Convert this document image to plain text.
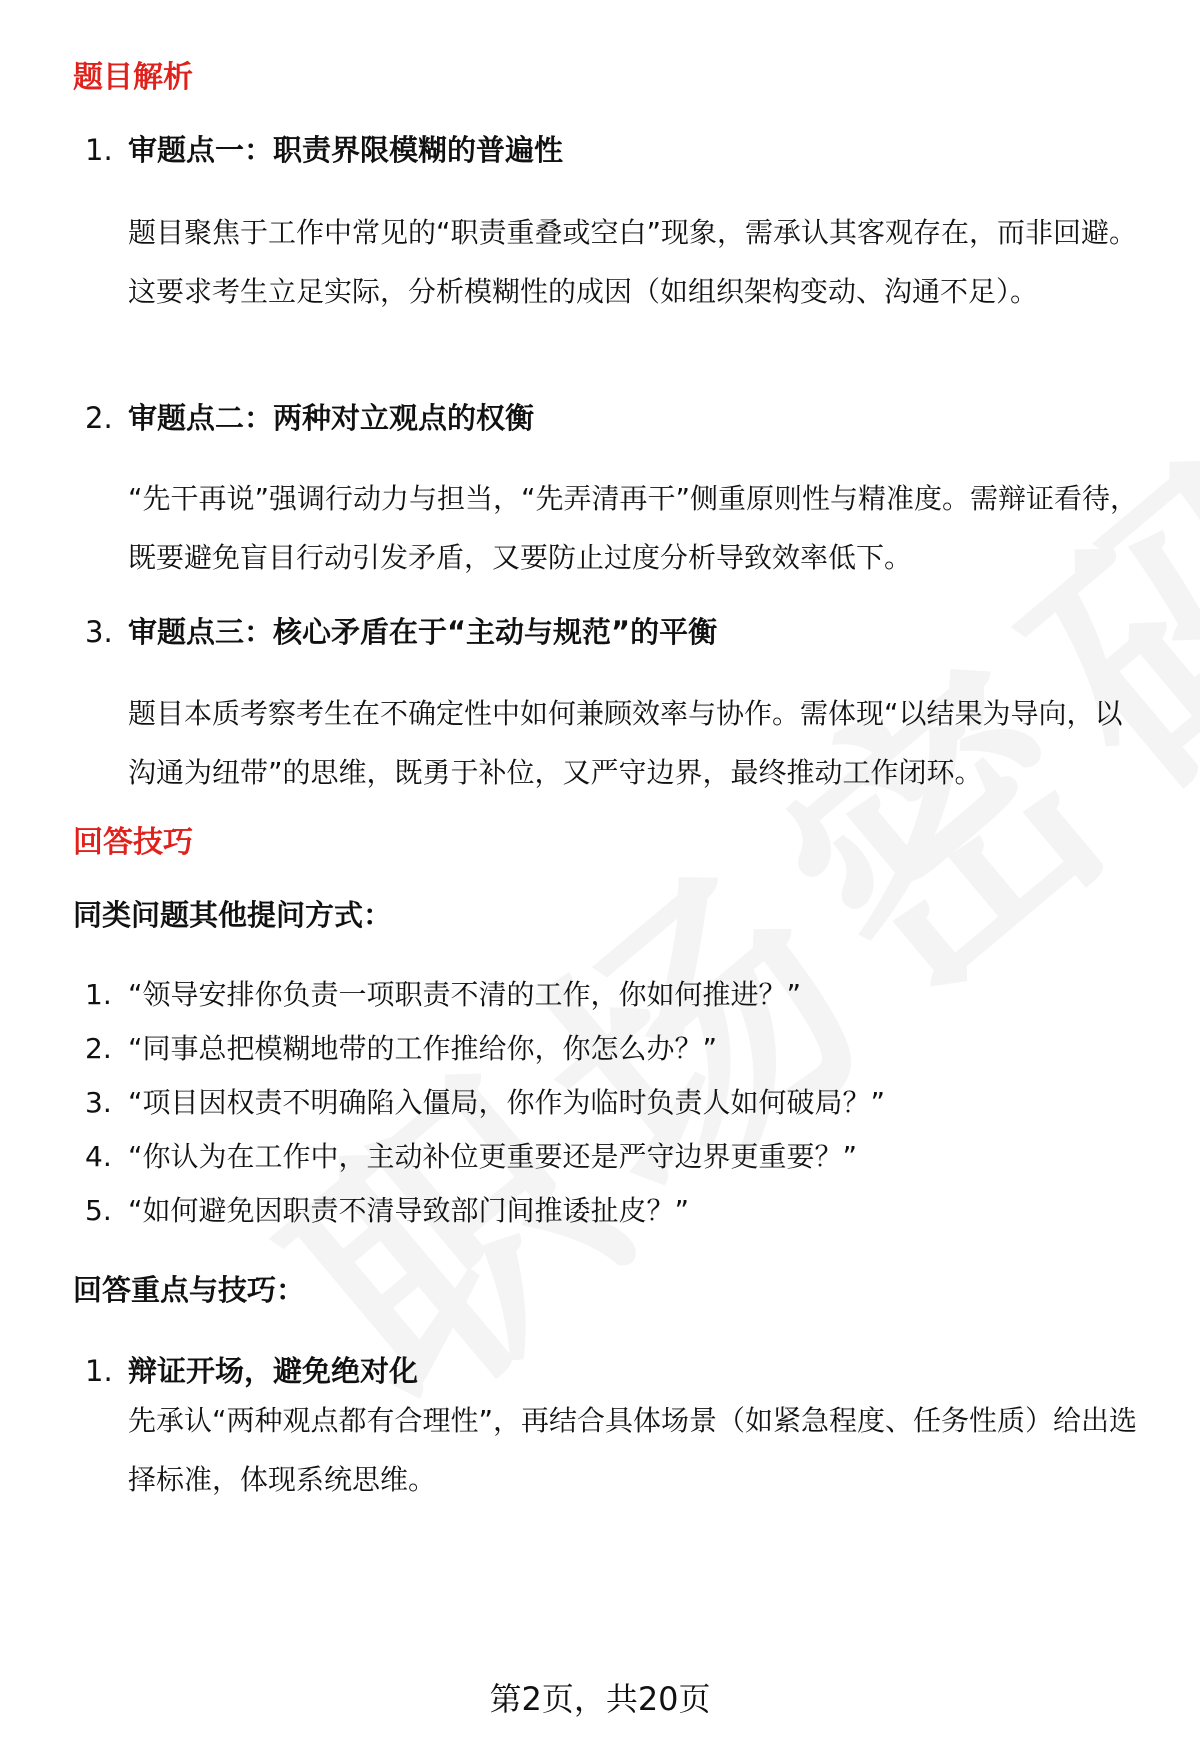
题目解析
1. 审题点一：职责界限模糊的普遍性

题目聚焦于工作中常见的“职责重叠或空白”现象，需承认其客观存在，而非回避。这要求考生立足实际，分析模糊性的成因（如组织架构变动、沟通不足）。

2. 审题点二：两种对立观点的权衡

“先干再说”强调行动力与担当，“先弄清再干”侧重原则性与精准度。需辩证看待，既要避免盲目行动引发矛盾，又要防止过度分析导致效率低下。

3. 审题点三：核心矛盾在于“主动与规范”的平衡

题目本质考察考生在不确定性中如何兼顾效率与协作。需体现“以结果为导向，以沟通为纽带”的思维，既勇于补位，又严守边界，最终推动工作闭环。

回答技巧
同类问题其他提问方式：
1. “领导安排你负责一项职责不清的工作，你如何推进？”
2. “同事总把模糊地带的工作推给你，你怎么办？”
3. “项目因权责不明确陷入僵局，你作为临时负责人如何破局？”
4. “你认为在工作中，主动补位更重要还是严守边界更重要？”
5. “如何避免因职责不清导致部门间推诿扯皮？”
回答重点与技巧：
1. 辩证开场，避免绝对化

先承认“两种观点都有合理性”，再结合具体场景（如紧急程度、任务性质）给出选择标准，体现系统思维。

第2页，共20页
